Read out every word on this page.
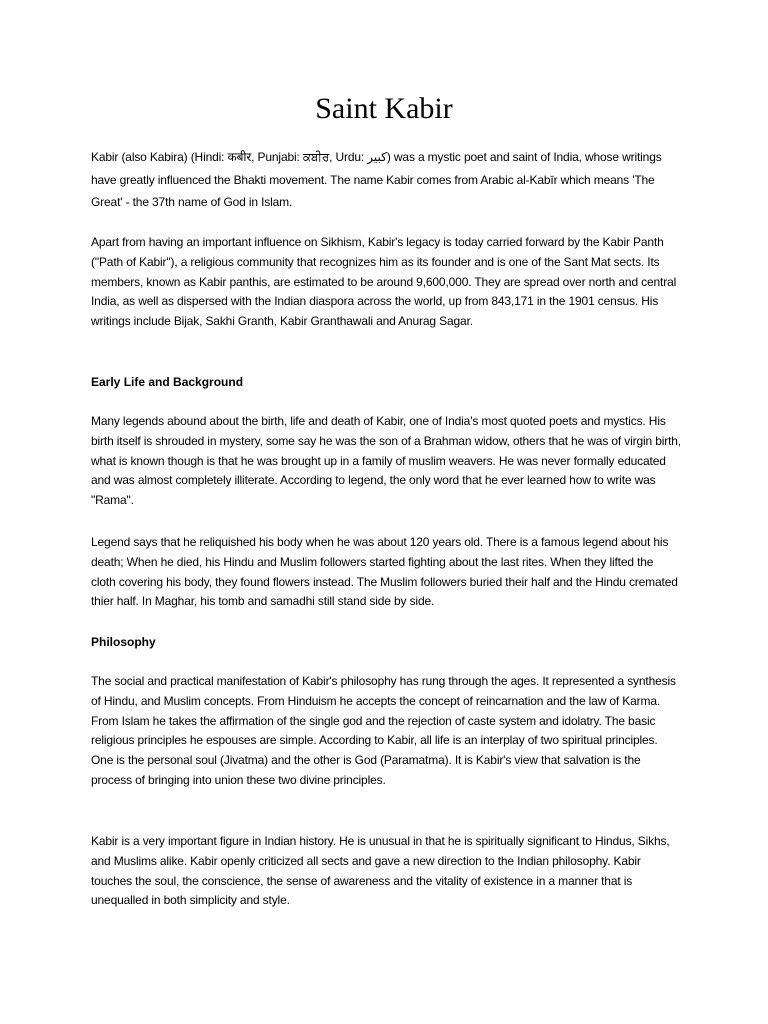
Saint Kabir

Kabir (also Kabira) (Hindi: कबीर, Punjabi: ਕਬੀਰ, Urdu: کبير) was a mystic poet and saint of India, whose writings have greatly influenced the Bhakti movement. The name Kabir comes from Arabic al-Kabīr which means 'The Great' - the 37th name of God in Islam.

Apart from having an important influence on Sikhism, Kabir's legacy is today carried forward by the Kabir Panth ("Path of Kabir"), a religious community that recognizes him as its founder and is one of the Sant Mat sects. Its members, known as Kabir panthis, are estimated to be around 9,600,000. They are spread over north and central India, as well as dispersed with the Indian diaspora across the world, up from 843,171 in the 1901 census. His writings include Bijak, Sakhi Granth, Kabir Granthawali and Anurag Sagar.

Early Life and Background

Many legends abound about the birth, life and death of Kabir, one of India's most quoted poets and mystics. His birth itself is shrouded in mystery, some say he was the son of a Brahman widow, others that he was of virgin birth, what is known though is that he was brought up in a family of muslim weavers. He was never formally educated and was almost completely illiterate. According to legend, the only word that he ever learned how to write was "Rama".

Legend says that he reliquished his body when he was about 120 years old. There is a famous legend about his death; When he died, his Hindu and Muslim followers started fighting about the last rites. When they lifted the cloth covering his body, they found flowers instead. The Muslim followers buried their half and the Hindu cremated thier half. In Maghar, his tomb and samadhi still stand side by side.

Philosophy

The social and practical manifestation of Kabir's philosophy has rung through the ages. It represented a synthesis of Hindu, and Muslim concepts. From Hinduism he accepts the concept of reincarnation and the law of Karma. From Islam he takes the affirmation of the single god and the rejection of caste system and idolatry. The basic religious principles he espouses are simple. According to Kabir, all life is an interplay of two spiritual principles. One is the personal soul (Jivatma) and the other is God (Paramatma). It is Kabir's view that salvation is the process of bringing into union these two divine principles.

Kabir is a very important figure in Indian history. He is unusual in that he is spiritually significant to Hindus, Sikhs, and Muslims alike. Kabir openly criticized all sects and gave a new direction to the Indian philosophy. Kabir touches the soul, the conscience, the sense of awareness and the vitality of existence in a manner that is unequalled in both simplicity and style.
